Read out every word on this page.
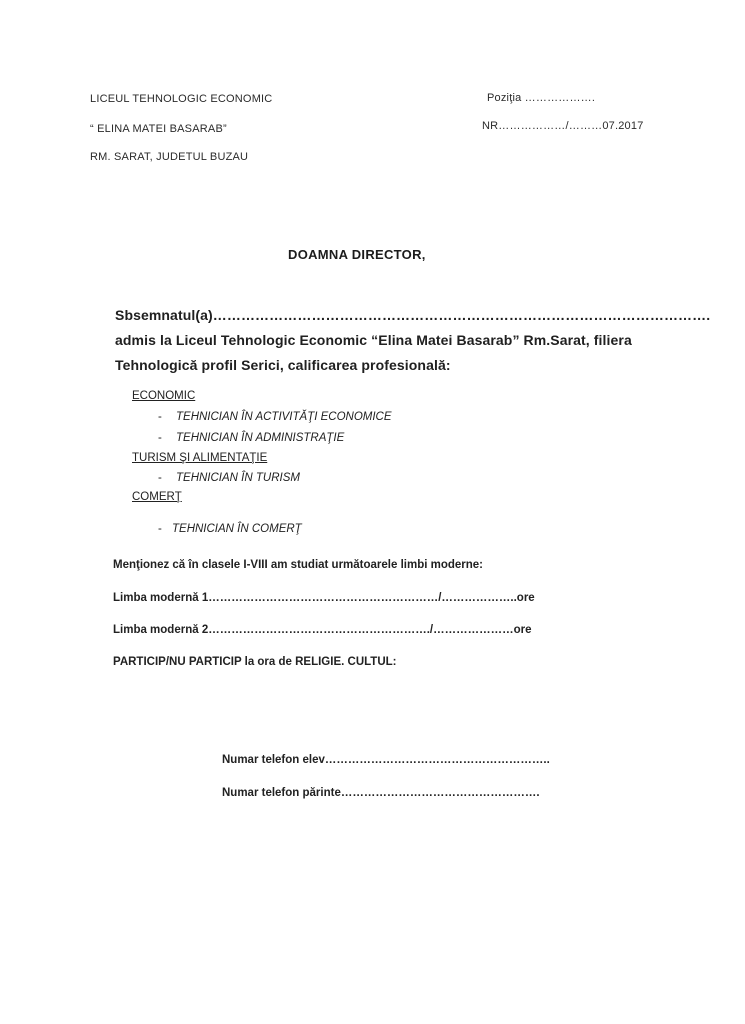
LICEUL TEHNOLOGIC ECONOMIC
“ ELINA MATEI BASARAB”
RM. SARAT, JUDETUL BUZAU
Poziţia ……………….
NR………………/………07.2017
DOAMNA DIRECTOR,
Sbsemnatul(a)…………………………………………………………………………………………….
admis la Liceul Tehnologic Economic “Elina Matei Basarab” Rm.Sarat, filiera
Tehnologică profil Serici, calificarea profesională:
ECONOMIC
- TEHNICIAN ÎN ACTIVITĂŢI ECONOMICE
- TEHNICIAN ÎN ADMINISTRAŢIE
TURISM ŞI ALIMENTAŢIE
- TEHNICIAN ÎN TURISM
COMERŢ
- TEHNICIAN ÎN COMERŢ
Menţionez că în clasele I-VIII am studiat următoarele limbi moderne:
Limba modernă 1……………………………………………………/………………..ore
Limba modernă 2…………………………………………………./…………………ore
PARTICIP/NU PARTICIP la ora de RELIGIE. CULTUL:
Numar telefon elev…………………………………………………..
Numar telefon părinte…………………………………………….
